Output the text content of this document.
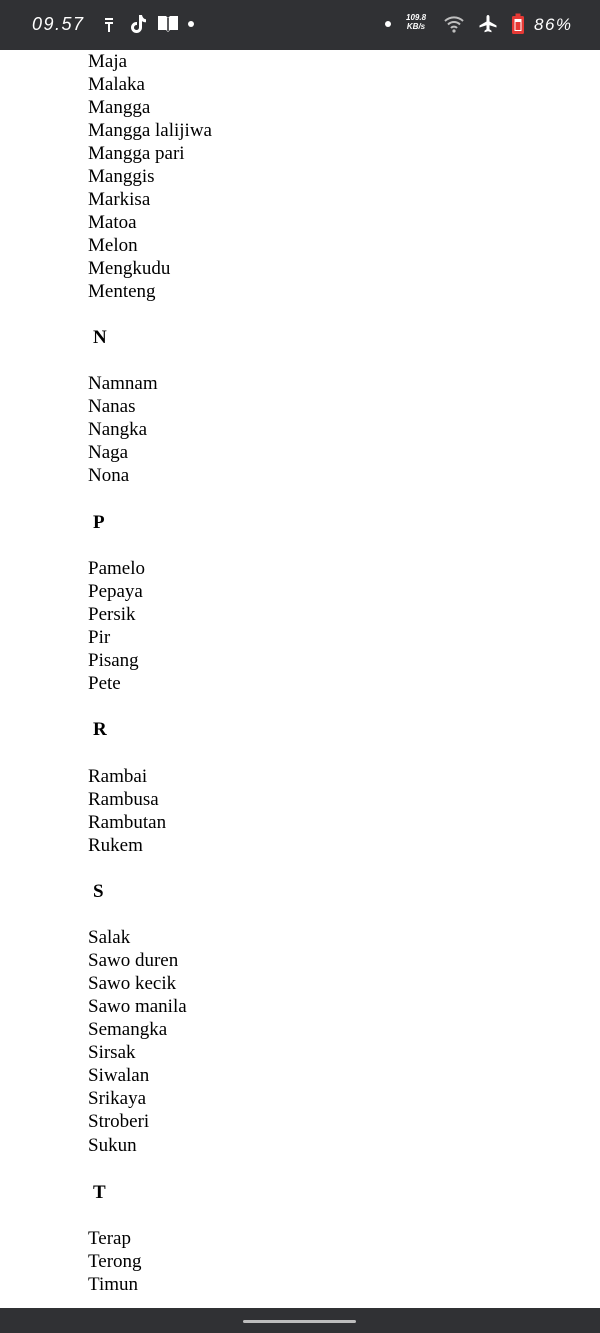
09.57	109.8
KB/s	86%
Maja
Malaka
Mangga
Mangga lalijiwa
Mangga pari
Manggis
Markisa
Matoa
Melon
Mengkudu
Menteng
N
Namnam
Nanas
Nangka
Naga
Nona
P
Pamelo
Pepaya
Persik
Pir
Pisang
Pete
R
Rambai
Rambusa
Rambutan
Rukem
S
Salak
Sawo duren
Sawo kecik
Sawo manila
Semangka
Sirsak
Siwalan
Srikaya
Stroberi
Sukun
T
Terap
Terong
Timun
